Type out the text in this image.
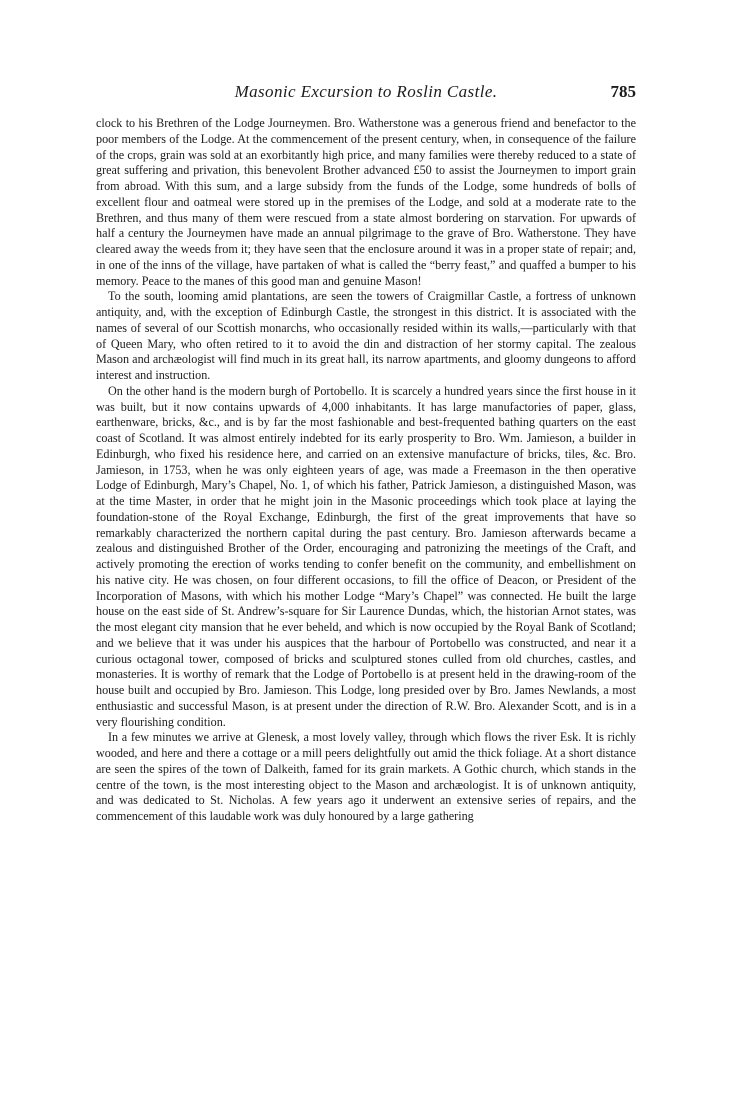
Masonic Excursion to Roslin Castle.	785

clock to his Brethren of the Lodge Journeymen. Bro. Watherstone was a generous friend and benefactor to the poor members of the Lodge. At the commencement of the present century, when, in consequence of the failure of the crops, grain was sold at an exorbitantly high price, and many families were thereby reduced to a state of great suffering and privation, this benevolent Brother advanced £50 to assist the Journeymen to import grain from abroad. With this sum, and a large subsidy from the funds of the Lodge, some hundreds of bolls of excellent flour and oatmeal were stored up in the premises of the Lodge, and sold at a moderate rate to the Brethren, and thus many of them were rescued from a state almost bordering on starvation. For upwards of half a century the Journeymen have made an annual pilgrimage to the grave of Bro. Watherstone. They have cleared away the weeds from it; they have seen that the enclosure around it was in a proper state of repair; and, in one of the inns of the village, have partaken of what is called the “berry feast,” and quaffed a bumper to his memory. Peace to the manes of this good man and genuine Mason!

To the south, looming amid plantations, are seen the towers of Craigmillar Castle, a fortress of unknown antiquity, and, with the exception of Edinburgh Castle, the strongest in this district. It is associated with the names of several of our Scottish monarchs, who occasionally resided within its walls,—particularly with that of Queen Mary, who often retired to it to avoid the din and distraction of her stormy capital. The zealous Mason and archæologist will find much in its great hall, its narrow apartments, and gloomy dungeons to afford interest and instruction.

On the other hand is the modern burgh of Portobello. It is scarcely a hundred years since the first house in it was built, but it now contains upwards of 4,000 inhabitants. It has large manufactories of paper, glass, earthenware, bricks, &c., and is by far the most fashionable and best-frequented bathing quarters on the east coast of Scotland. It was almost entirely indebted for its early prosperity to Bro. Wm. Jamieson, a builder in Edinburgh, who fixed his residence here, and carried on an extensive manufacture of bricks, tiles, &c. Bro. Jamieson, in 1753, when he was only eighteen years of age, was made a Freemason in the then operative Lodge of Edinburgh, Mary’s Chapel, No. 1, of which his father, Patrick Jamieson, a distinguished Mason, was at the time Master, in order that he might join in the Masonic proceedings which took place at laying the foundation-stone of the Royal Exchange, Edinburgh, the first of the great improvements that have so remarkably characterized the northern capital during the past century. Bro. Jamieson afterwards became a zealous and distinguished Brother of the Order, encouraging and patronizing the meetings of the Craft, and actively promoting the erection of works tending to confer benefit on the community, and embellishment on his native city. He was chosen, on four different occasions, to fill the office of Deacon, or President of the Incorporation of Masons, with which his mother Lodge “Mary’s Chapel” was connected. He built the large house on the east side of St. Andrew’s-square for Sir Laurence Dundas, which, the historian Arnot states, was the most elegant city mansion that he ever beheld, and which is now occupied by the Royal Bank of Scotland; and we believe that it was under his auspices that the harbour of Portobello was constructed, and near it a curious octagonal tower, composed of bricks and sculptured stones culled from old churches, castles, and monasteries. It is worthy of remark that the Lodge of Portobello is at present held in the drawing-room of the house built and occupied by Bro. Jamieson. This Lodge, long presided over by Bro. James Newlands, a most enthusiastic and successful Mason, is at present under the direction of R.W. Bro. Alexander Scott, and is in a very flourishing condition.

In a few minutes we arrive at Glenesk, a most lovely valley, through which flows the river Esk. It is richly wooded, and here and there a cottage or a mill peers delightfully out amid the thick foliage. At a short distance are seen the spires of the town of Dalkeith, famed for its grain markets. A Gothic church, which stands in the centre of the town, is the most interesting object to the Mason and archæologist. It is of unknown antiquity, and was dedicated to St. Nicholas. A few years ago it underwent an extensive series of repairs, and the commencement of this laudable work was duly honoured by a large gathering
